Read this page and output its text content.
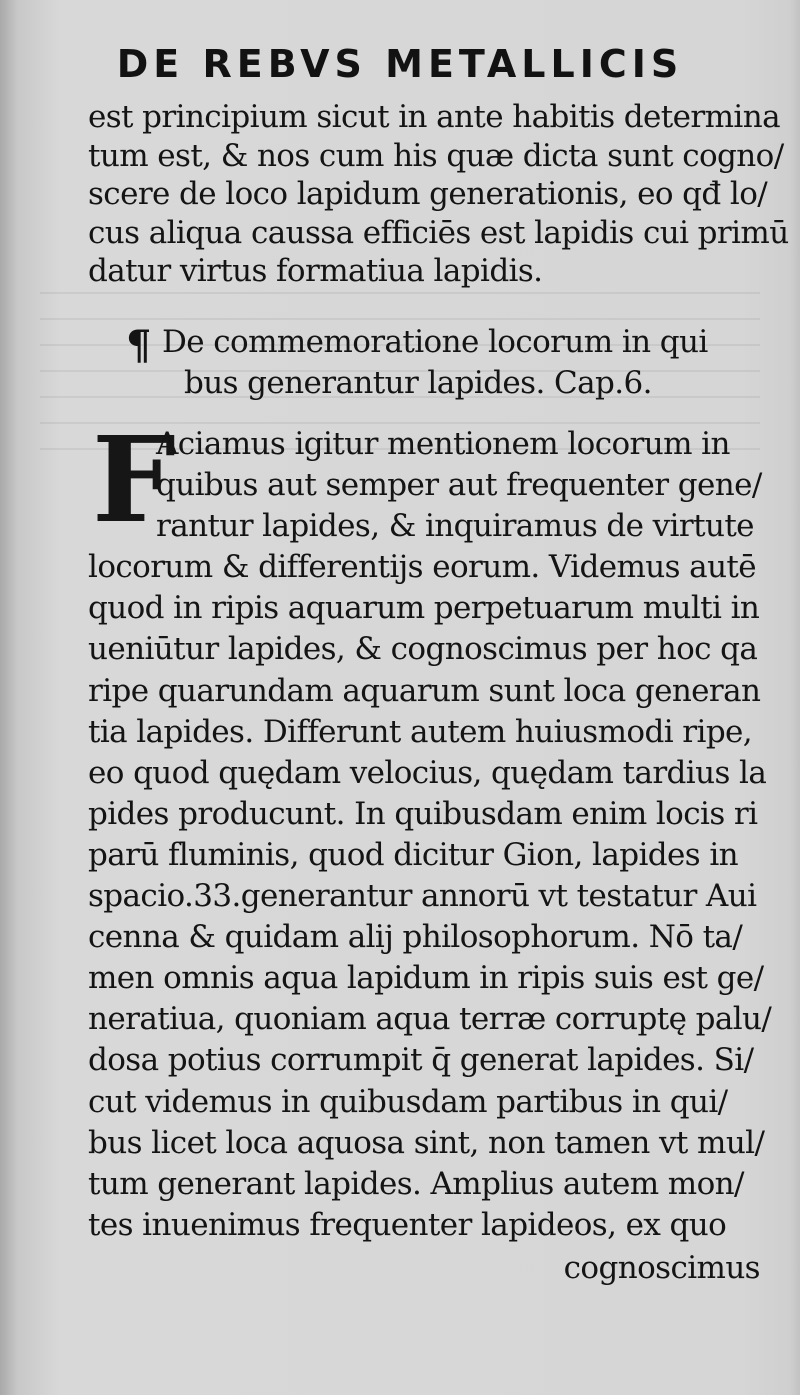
DE REBVS METALLICIS
est principium sicut in ante habitis determina
tum est, & nos cum his quæ dicta sunt cogno/
scere de loco lapidum generationis, eo qđ lo/
cus aliqua caussa efficiēs est lapidis cui primū
datur virtus formatiua lapidis.
¶ De commemoratione locorum in qui
bus generantur lapides. Cap.6.
F
Aciamus igitur mentionem locorum in
quibus aut semper aut frequenter gene/
rantur lapides, & inquiramus de virtute
locorum & differentijs eorum. Videmus autē
quod in ripis aquarum perpetuarum multi in
ueniūtur lapides, & cognoscimus per hoc qa
ripe quarundam aquarum sunt loca generan
tia lapides. Differunt autem huiusmodi ripe,
eo quod quędam velocius, quędam tardius la
pides producunt. In quibusdam enim locis ri
parū fluminis, quod dicitur Gion, lapides in
spacio.33.generantur annorū vt testatur Aui
cenna & quidam alij philosophorum. Nō ta/
men omnis aqua lapidum in ripis suis est ge/
neratiua, quoniam aqua terræ corruptę palu/
dosa potius corrumpit q̄ generat lapides. Si/
cut videmus in quibusdam partibus in qui/
bus licet loca aquosa sint, non tamen vt mul/
tum generant lapides. Amplius autem mon/
tes inuenimus frequenter lapideos, ex quo
cognoscimus
